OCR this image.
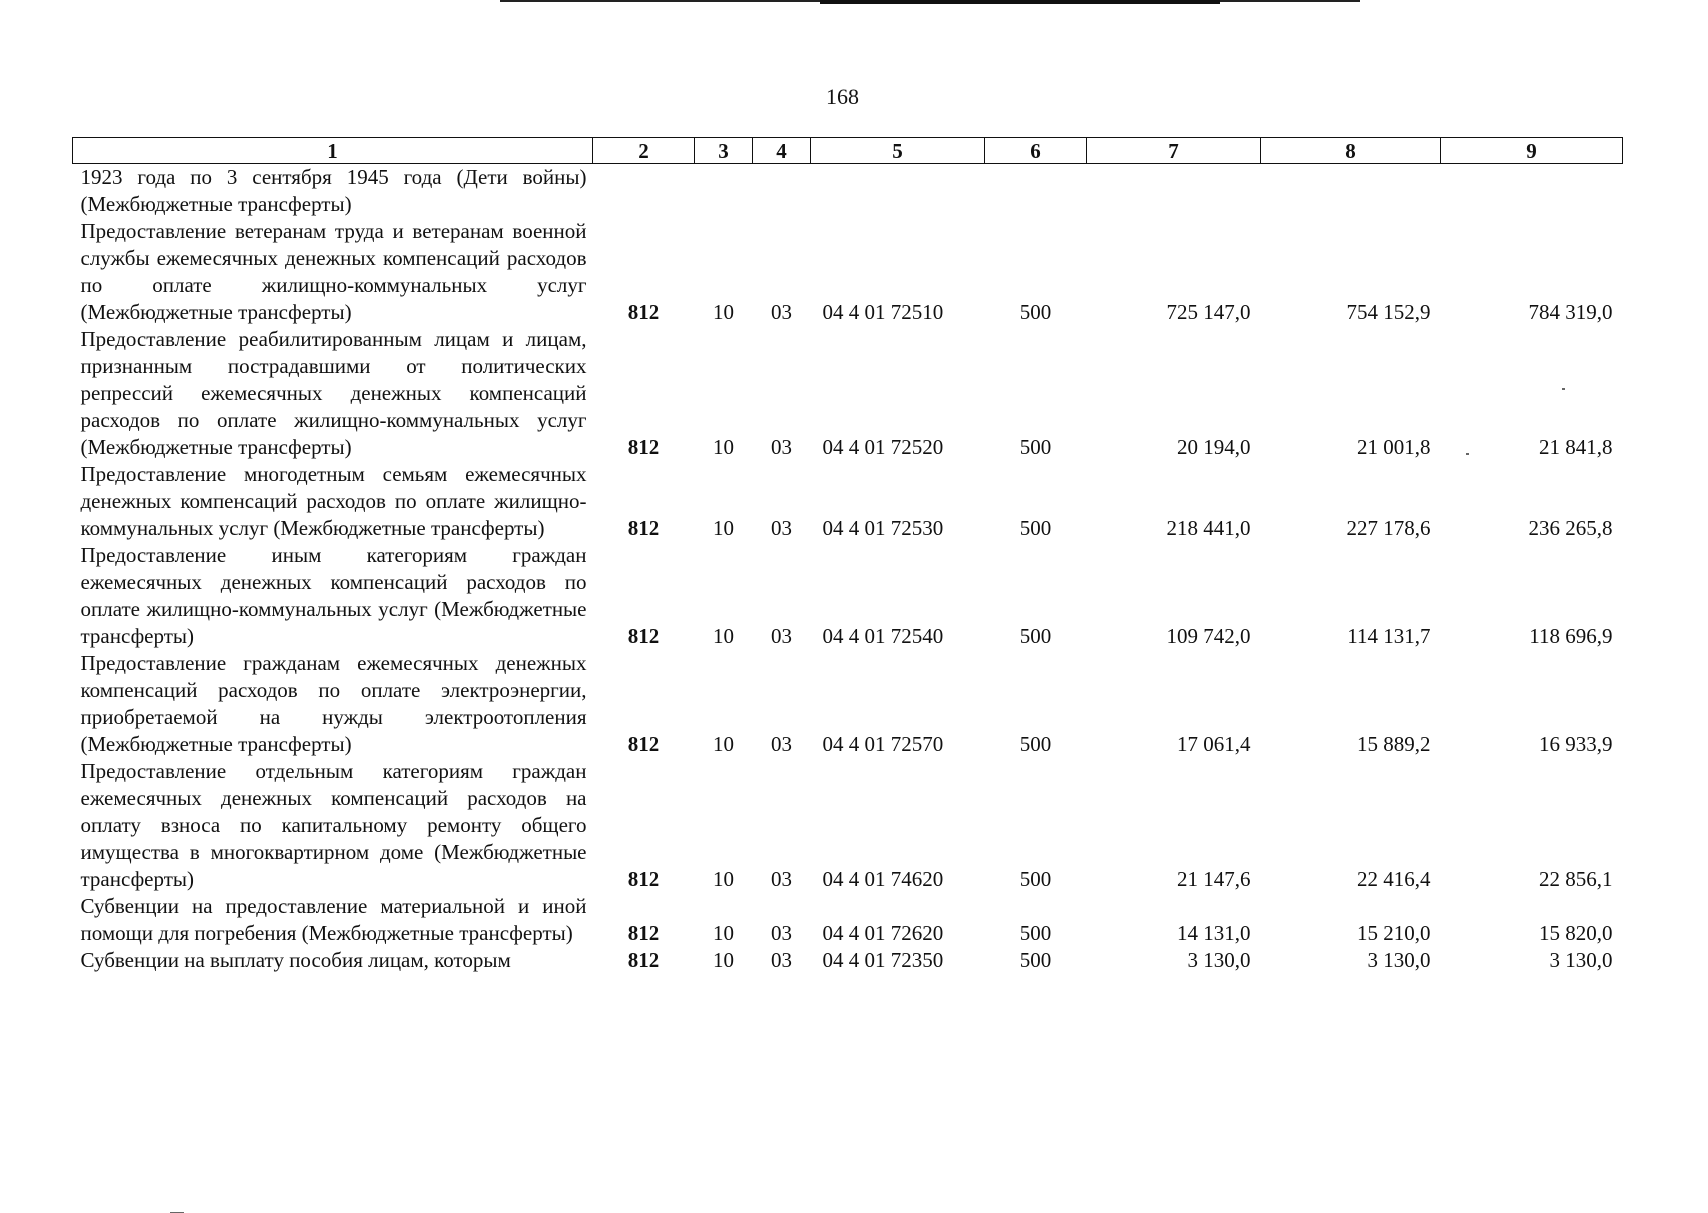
168
1	2	3	4	5	6	7	8	9
1923 года по 3 сентября 1945 года (Дети войны) (Межбюджетные трансферты)								
Предоставление ветеранам труда и ветеранам военной службы ежемесячных денежных компенсаций расходов по оплате жилищно-коммунальных услуг (Межбюджетные трансферты)	812	10	03	04 4 01 72510	500	725 147,0	754 152,9	784 319,0
Предоставление реабилитированным лицам и лицам, признанным пострадавшими от политических репрессий ежемесячных денежных компенсаций расходов по оплате жилищно-коммунальных услуг (Межбюджетные трансферты)	812	10	03	04 4 01 72520	500	20 194,0	21 001,8	21 841,8
Предоставление многодетным семьям ежемесячных денежных компенсаций расходов по оплате жилищно-коммунальных услуг (Межбюджетные трансферты)	812	10	03	04 4 01 72530	500	218 441,0	227 178,6	236 265,8
Предоставление иным категориям граждан ежемесячных денежных компенсаций расходов по оплате жилищно-коммунальных услуг (Межбюджетные трансферты)	812	10	03	04 4 01 72540	500	109 742,0	114 131,7	118 696,9
Предоставление гражданам ежемесячных денежных компенсаций расходов по оплате электроэнергии, приобретаемой на нужды электроотопления (Межбюджетные трансферты)	812	10	03	04 4 01 72570	500	17 061,4	15 889,2	16 933,9
Предоставление отдельным категориям граждан ежемесячных денежных компенсаций расходов на оплату взноса по капитальному ремонту общего имущества в многоквартирном доме (Межбюджетные трансферты)	812	10	03	04 4 01 74620	500	21 147,6	22 416,4	22 856,1
Субвенции на предоставление материальной и иной помощи для погребения (Межбюджетные трансферты)	812	10	03	04 4 01 72620	500	14 131,0	15 210,0	15 820,0
Субвенции на выплату пособия лицам, которым	812	10	03	04 4 01 72350	500	3 130,0	3 130,0	3 130,0
